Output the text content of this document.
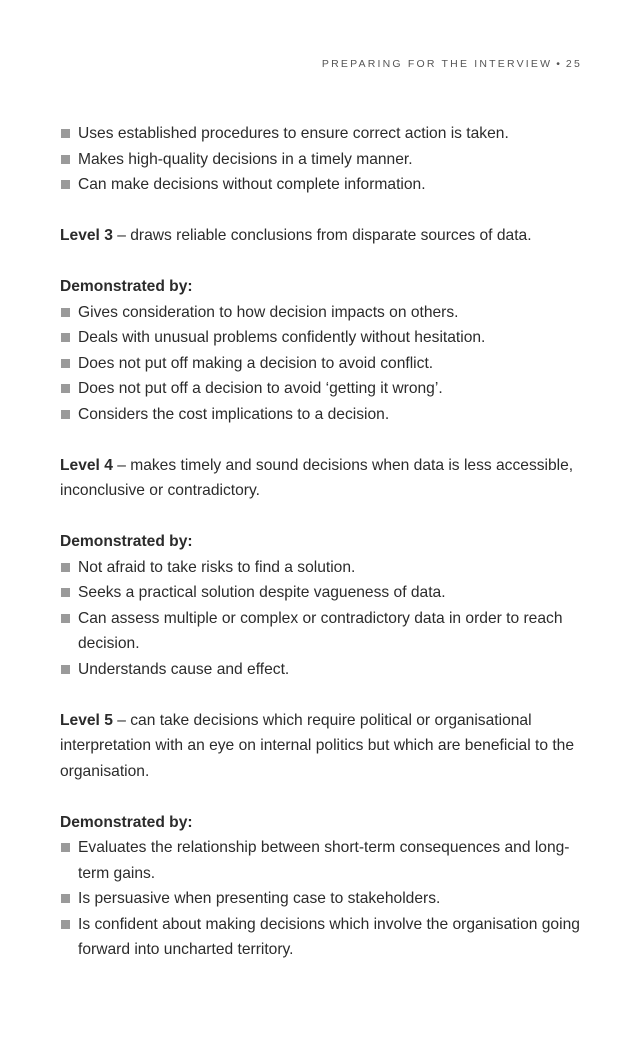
PREPARING FOR THE INTERVIEW • 25
Uses established procedures to ensure correct action is taken.
Makes high-quality decisions in a timely manner.
Can make decisions without complete information.

Level 3 – draws reliable conclusions from disparate sources of data.

Demonstrated by:
Gives consideration to how decision impacts on others.
Deals with unusual problems confidently without hesitation.
Does not put off making a decision to avoid conflict.
Does not put off a decision to avoid ‘getting it wrong’.
Considers the cost implications to a decision.

Level 4 – makes timely and sound decisions when data is less accessible, inconclusive or contradictory.

Demonstrated by:
Not afraid to take risks to find a solution.
Seeks a practical solution despite vagueness of data.
Can assess multiple or complex or contradictory data in order to reach decision.
Understands cause and effect.

Level 5 – can take decisions which require political or organisational interpretation with an eye on internal politics but which are beneficial to the organisation.

Demonstrated by:
Evaluates the relationship between short-term consequences and long-term gains.
Is persuasive when presenting case to stakeholders.
Is confident about making decisions which involve the organisation going forward into uncharted territory.
